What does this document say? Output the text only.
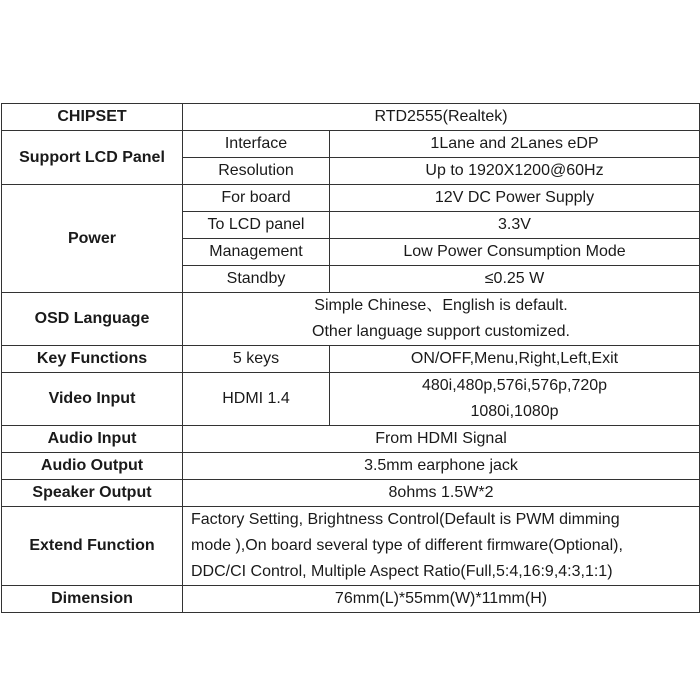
CHIPSET	RTD2555(Realtek)	
Support LCD Panel	Interface	1Lane and 2Lanes eDP
	Resolution	Up to 1920X1200@60Hz
Power	For board	12V DC Power Supply
	To LCD panel	3.3V
	Management	Low Power Consumption Mode
	Standby	≤0.25 W
OSD Language	Simple Chinese、English is default.
Other language support customized.	

Key Functions	5 keys	ON/OFF,Menu,Right,Left,Exit
Video Input	HDMI 1.4	480i,480p,576i,576p,720p
1080i,1080p

Audio Input	From HDMI Signal	
Audio Output	3.5mm earphone jack	
Speaker Output	8ohms 1.5W*2	
Extend Function	Factory Setting, Brightness Control(Default is PWM dimming
mode ),On board several type of different firmware(Optional),
DDC/CI Control, Multiple Aspect Ratio(Full,5:4,16:9,4:3,1:1)	

Dimension	76mm(L)*55mm(W)*11mm(H)	
